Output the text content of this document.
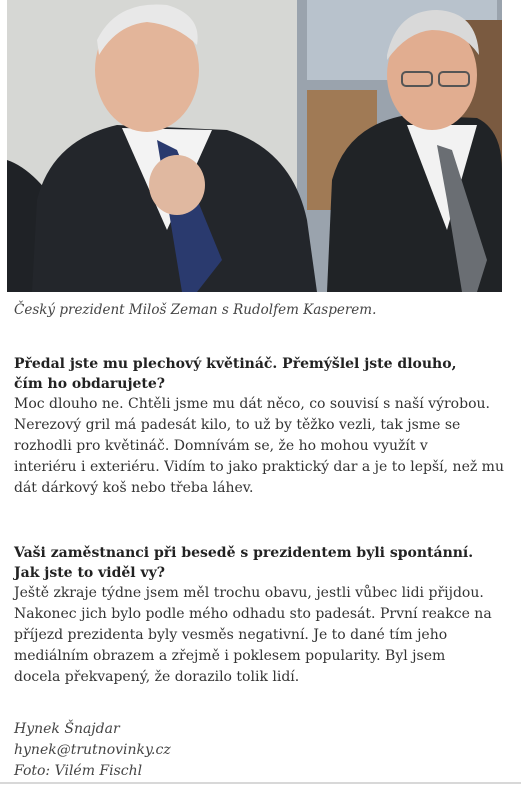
Český prezident Miloš Zeman s Rudolfem Kasperem.

Předal jste mu plechový květináč. Přemýšlel jste dlouho,

čím ho obdarujete?

Moc dlouho ne. Chtěli jsme mu dát něco, co souvisí s naší výrobou.

Nerezový gril má padesát kilo, to už by těžko vezli, tak jsme se

rozhodli pro květináč. Domnívám se, že ho mohou využít v

interiéru i exteriéru. Vidím to jako praktický dar a je to lepší, než mu

dát dárkový koš nebo třeba láhev.

Vaši zaměstnanci při besedě s prezidentem byli spontánní.

Jak jste to viděl vy?

Ještě zkraje týdne jsem měl trochu obavu, jestli vůbec lidi přijdou.

Nakonec jich bylo podle mého odhadu sto padesát. První reakce na

příjezd prezidenta byly vesměs negativní. Je to dané tím jeho

mediálním obrazem a zřejmě i poklesem popularity. Byl jsem

docela překvapený, že dorazilo tolik lidí.

Hynek Šnajdar
hynek@trutnovinky.cz
Foto: Vilém Fischl
